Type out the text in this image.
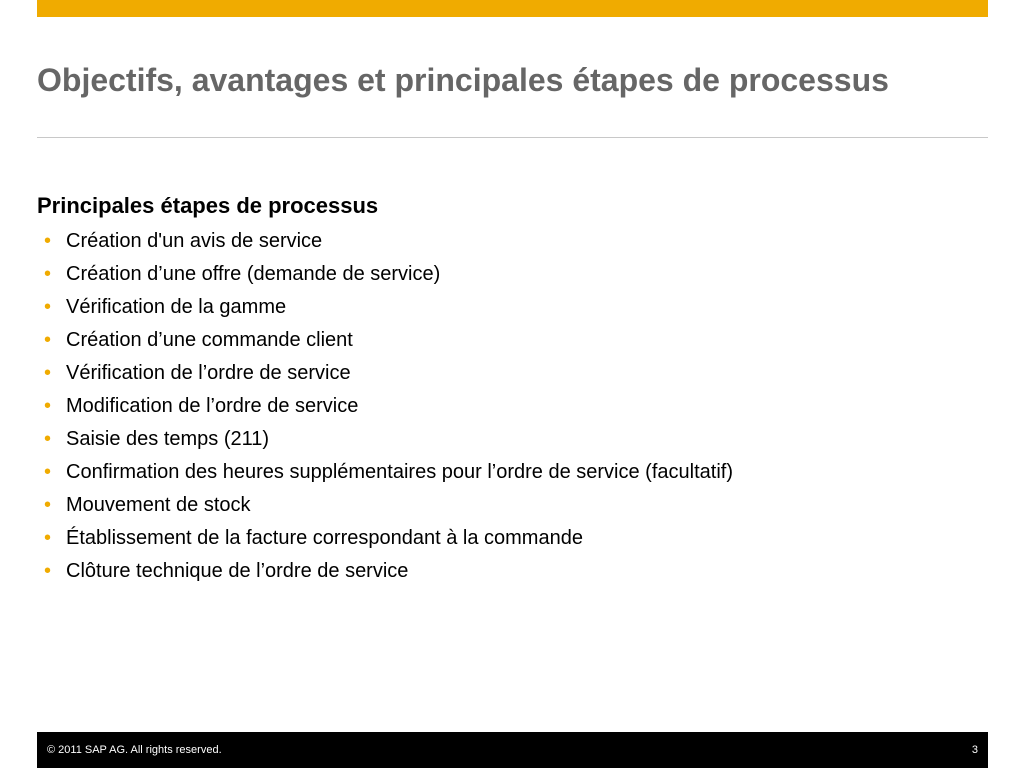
Objectifs, avantages et principales étapes de processus
Principales étapes de processus
• Création d'un avis de service
• Création d’une offre (demande de service)
• Vérification de la gamme
• Création d’une commande client
• Vérification de l’ordre de service
• Modification de l’ordre de service
• Saisie des temps (211)
• Confirmation des heures supplémentaires pour l’ordre de service (facultatif)
• Mouvement de stock
• Établissement de la facture correspondant à la commande
• Clôture technique de l’ordre de service
© 2011 SAP AG. All rights reserved.	3
